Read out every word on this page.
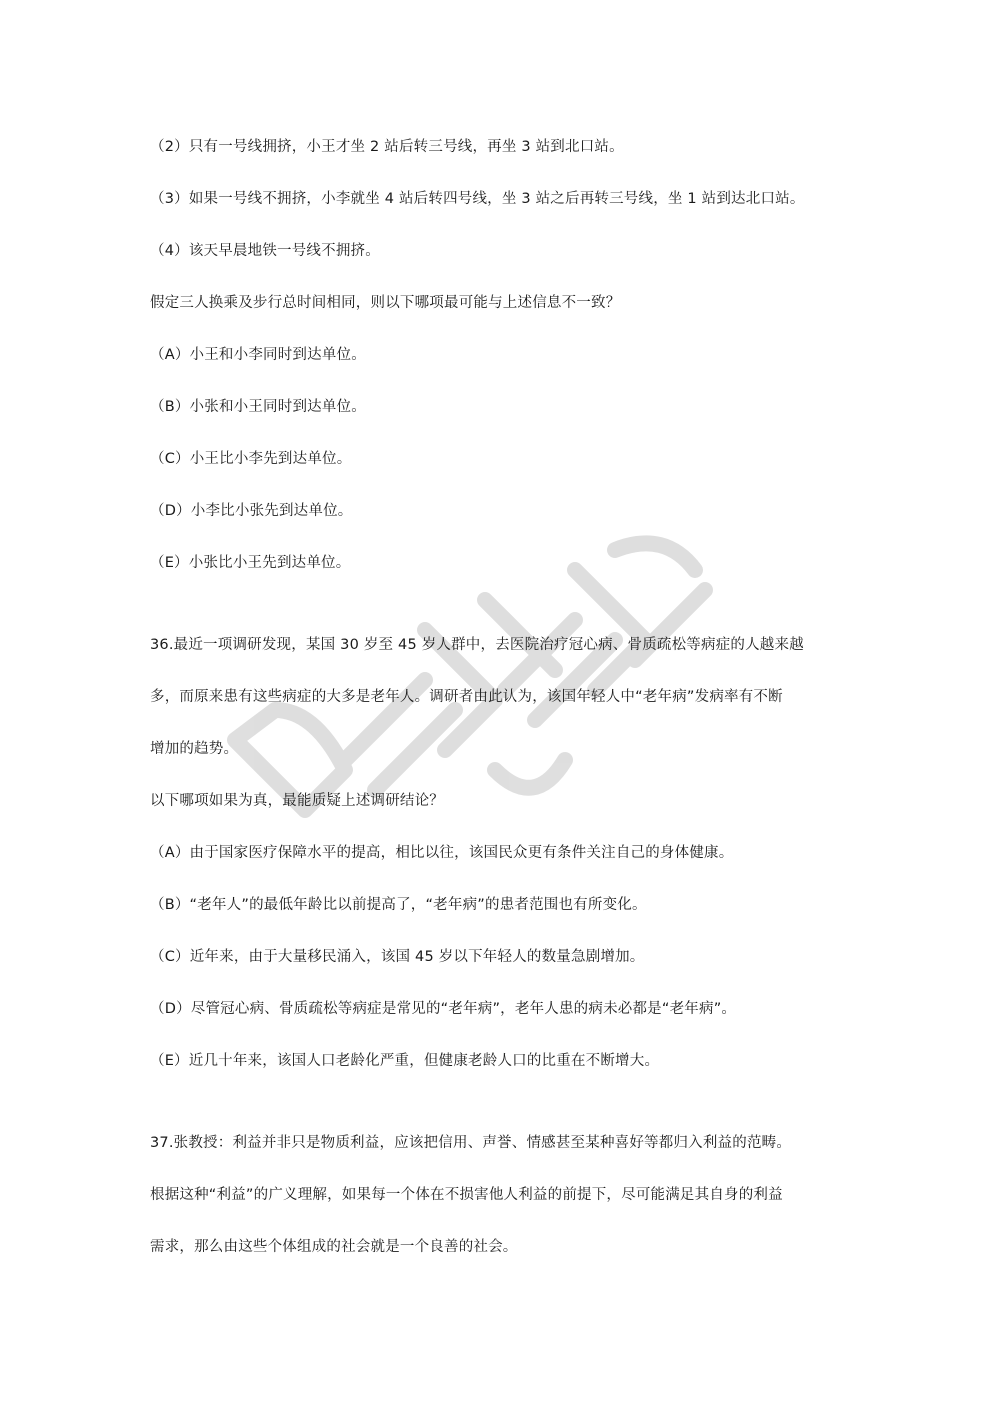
（2）只有一号线拥挤，小王才坐 2 站后转三号线，再坐 3 站到北口站。
（3）如果一号线不拥挤，小李就坐 4 站后转四号线，坐 3 站之后再转三号线，坐 1 站到达北口站。
（4）该天早晨地铁一号线不拥挤。
假定三人换乘及步行总时间相同，则以下哪项最可能与上述信息不一致？
（A）小王和小李同时到达单位。
（B）小张和小王同时到达单位。
（C）小王比小李先到达单位。
（D）小李比小张先到达单位。
（E）小张比小王先到达单位。
36.最近一项调研发现，某国 30 岁至 45 岁人群中，去医院治疗冠心病、骨质疏松等病症的人越来越
多，而原来患有这些病症的大多是老年人。调研者由此认为，该国年轻人中“老年病”发病率有不断
增加的趋势。
以下哪项如果为真，最能质疑上述调研结论？
（A）由于国家医疗保障水平的提高，相比以往，该国民众更有条件关注自己的身体健康。
（B）“老年人”的最低年龄比以前提高了，“老年病”的患者范围也有所变化。
（C）近年来，由于大量移民涌入，该国 45 岁以下年轻人的数量急剧增加。
（D）尽管冠心病、骨质疏松等病症是常见的“老年病”，老年人患的病未必都是“老年病”。
（E）近几十年来，该国人口老龄化严重，但健康老龄人口的比重在不断增大。
37.张教授：利益并非只是物质利益，应该把信用、声誉、情感甚至某种喜好等都归入利益的范畴。
根据这种“利益”的广义理解，如果每一个体在不损害他人利益的前提下，尽可能满足其自身的利益
需求，那么由这些个体组成的社会就是一个良善的社会。
